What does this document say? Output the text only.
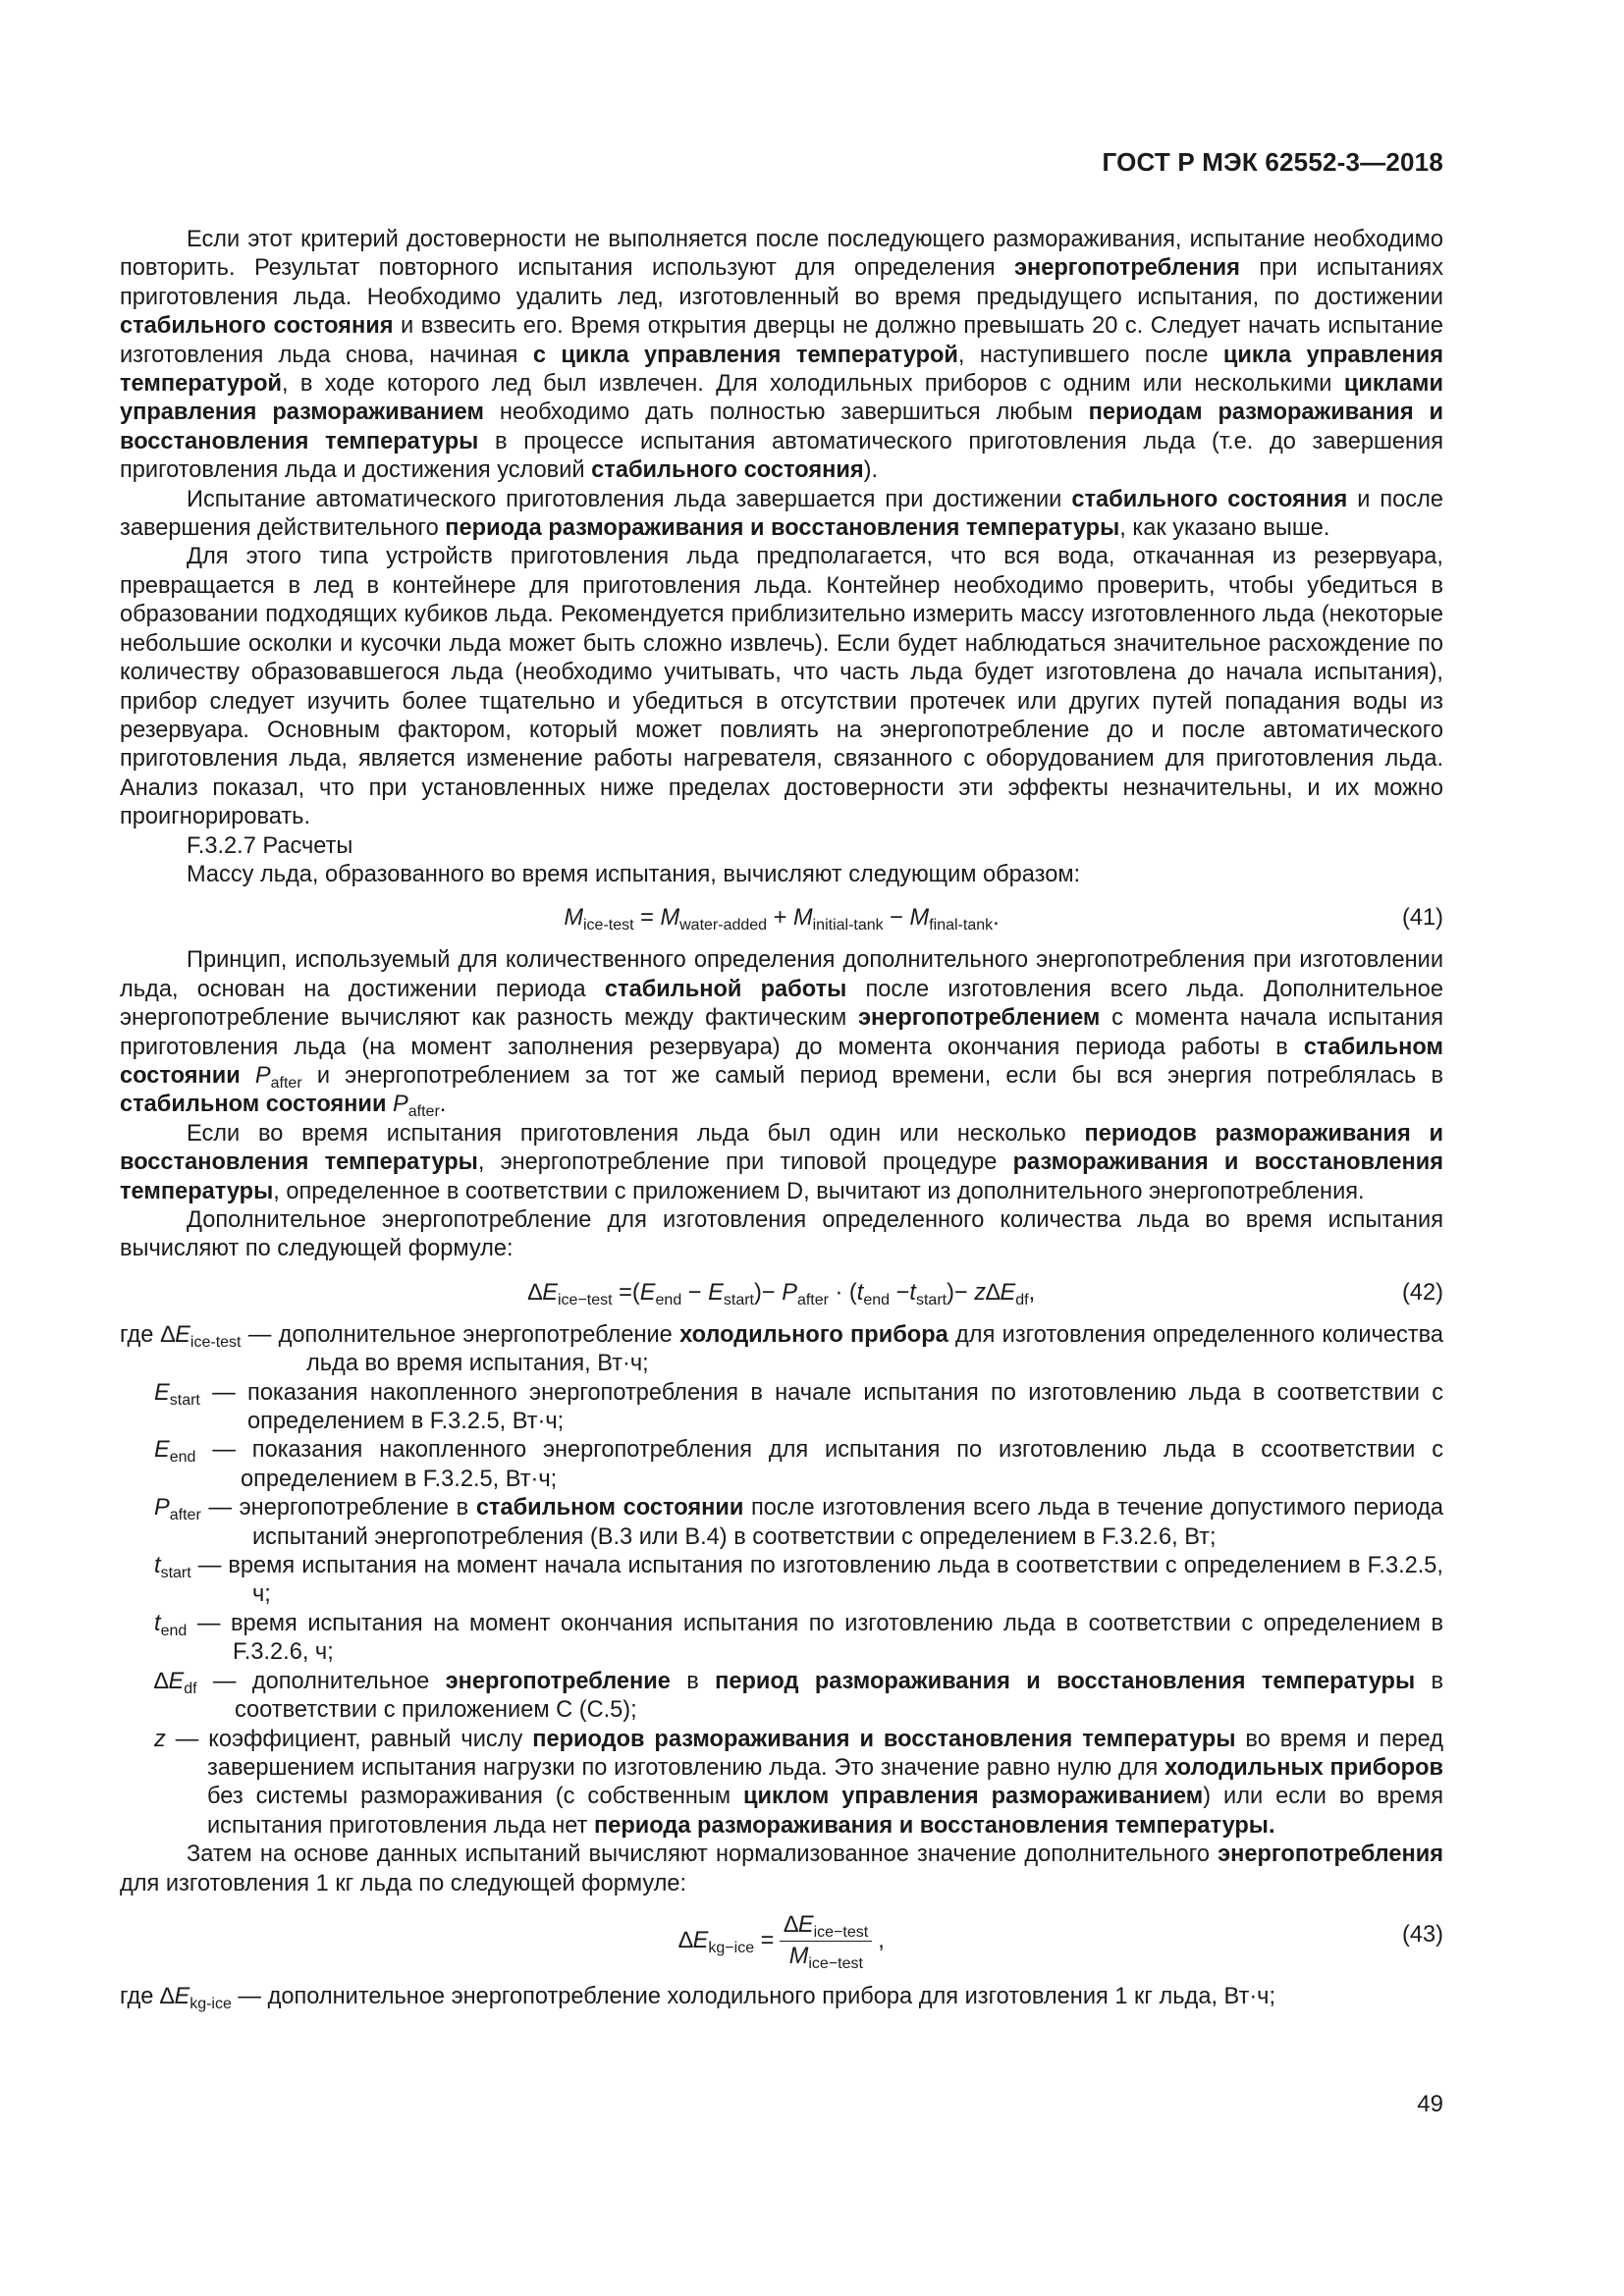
ГОСТ Р МЭК 62552-3—2018

Если этот критерий достоверности не выполняется после последующего размораживания, испытание необходимо повторить. Результат повторного испытания используют для определения энергопотребления при испытаниях приготовления льда. Необходимо удалить лед, изготовленный во время предыдущего испытания, по достижении стабильного состояния и взвесить его. Время открытия дверцы не должно превышать 20 с. Следует начать испытание изготовления льда снова, начиная с цикла управления температурой, наступившего после цикла управления температурой, в ходе которого лед был извлечен. Для холодильных приборов с одним или несколькими циклами управления размораживанием необходимо дать полностью завершиться любым периодам размораживания и восстановления температуры в процессе испытания автоматического приготовления льда (т.е. до завершения приготовления льда и достижения условий стабильного состояния).

Испытание автоматического приготовления льда завершается при достижении стабильного состояния и после завершения действительного периода размораживания и восстановления температуры, как указано выше.

Для этого типа устройств приготовления льда предполагается, что вся вода, откачанная из резервуара, превращается в лед в контейнере для приготовления льда. Контейнер необходимо проверить, чтобы убедиться в образовании подходящих кубиков льда. Рекомендуется приблизительно измерить массу изготовленного льда (некоторые небольшие осколки и кусочки льда может быть сложно извлечь). Если будет наблюдаться значительное расхождение по количеству образовавшегося льда (необходимо учитывать, что часть льда будет изготовлена до начала испытания), прибор следует изучить более тщательно и убедиться в отсутствии протечек или других путей попадания воды из резервуара. Основным фактором, который может повлиять на энергопотребление до и после автоматического приготовления льда, является изменение работы нагревателя, связанного с оборудованием для приготовления льда. Анализ показал, что при установленных ниже пределах достоверности эти эффекты незначительны, и их можно проигнорировать.

F.3.2.7 Расчеты

Массу льда, образованного во время испытания, вычисляют следующим образом:

$M_{ice-test} = M_{water-added} + M_{initial-tank} - M_{final-tank}$.	(41)

Принцип, используемый для количественного определения дополнительного энергопотребления при изготовлении льда, основан на достижении периода стабильной работы после изготовления всего льда. Дополнительное энергопотребление вычисляют как разность между фактическим энергопотреблением с момента начала испытания приготовления льда (на момент заполнения резервуара) до момента окончания периода работы в стабильном состоянии $P_{after}$ и энергопотреблением за тот же самый период времени, если бы вся энергия потреблялась в стабильном состоянии $P_{after}$.

Если во время испытания приготовления льда был один или несколько периодов размораживания и восстановления температуры, энергопотребление при типовой процедуре размораживания и восстановления температуры, определенное в соответствии с приложением D, вычитают из дополнительного энергопотребления.

Дополнительное энергопотребление для изготовления определенного количества льда во время испытания вычисляют по следующей формуле:

$\Delta E_{ice-test} =(E_{end} - E_{start})- P_{after} \cdot (t_{end} -t_{start})- z\Delta E_{df}$,	(42)

где $\Delta E_{ice-test}$ — дополнительное энергопотребление холодильного прибора для изготовления определенного количества льда во время испытания, Вт·ч;

$E_{start}$ — показания накопленного энергопотребления в начале испытания по изготовлению льда в соответствии с определением в F.3.2.5, Вт·ч;

$E_{end}$ — показания накопленного энергопотребления для испытания по изготовлению льда в ссоответствии с определением в F.3.2.5, Вт·ч;

$P_{after}$ — энергопотребление в стабильном состоянии после изготовления всего льда в течение допустимого периода испытаний энергопотребления (B.3 или B.4) в соответствии с определением в F.3.2.6, Вт;

$t_{start}$ — время испытания на момент начала испытания по изготовлению льда в соответствии с определением в F.3.2.5, ч;

$t_{end}$ — время испытания на момент окончания испытания по изготовлению льда в соответствии с определением в F.3.2.6, ч;

$\Delta E_{df}$ — дополнительное энергопотребление в период размораживания и восстановления температуры в соответствии с приложением С (С.5);

z — коэффициент, равный числу периодов размораживания и восстановления температуры во время и перед завершением испытания нагрузки по изготовлению льда. Это значение равно нулю для холодильных приборов без системы размораживания (с собственным циклом управления размораживанием) или если во время испытания приготовления льда нет периода размораживания и восстановления температуры.

Затем на основе данных испытаний вычисляют нормализованное значение дополнительного энергопотребления для изготовления 1 кг льда по следующей формуле:

$\Delta E_{kg-ice} = \frac{\Delta E_{ice-test}}{M_{ice-test}}$ ,	(43)

где $\Delta E_{kg-ice}$ — дополнительное энергопотребление холодильного прибора для изготовления 1 кг льда, Вт·ч;

49
